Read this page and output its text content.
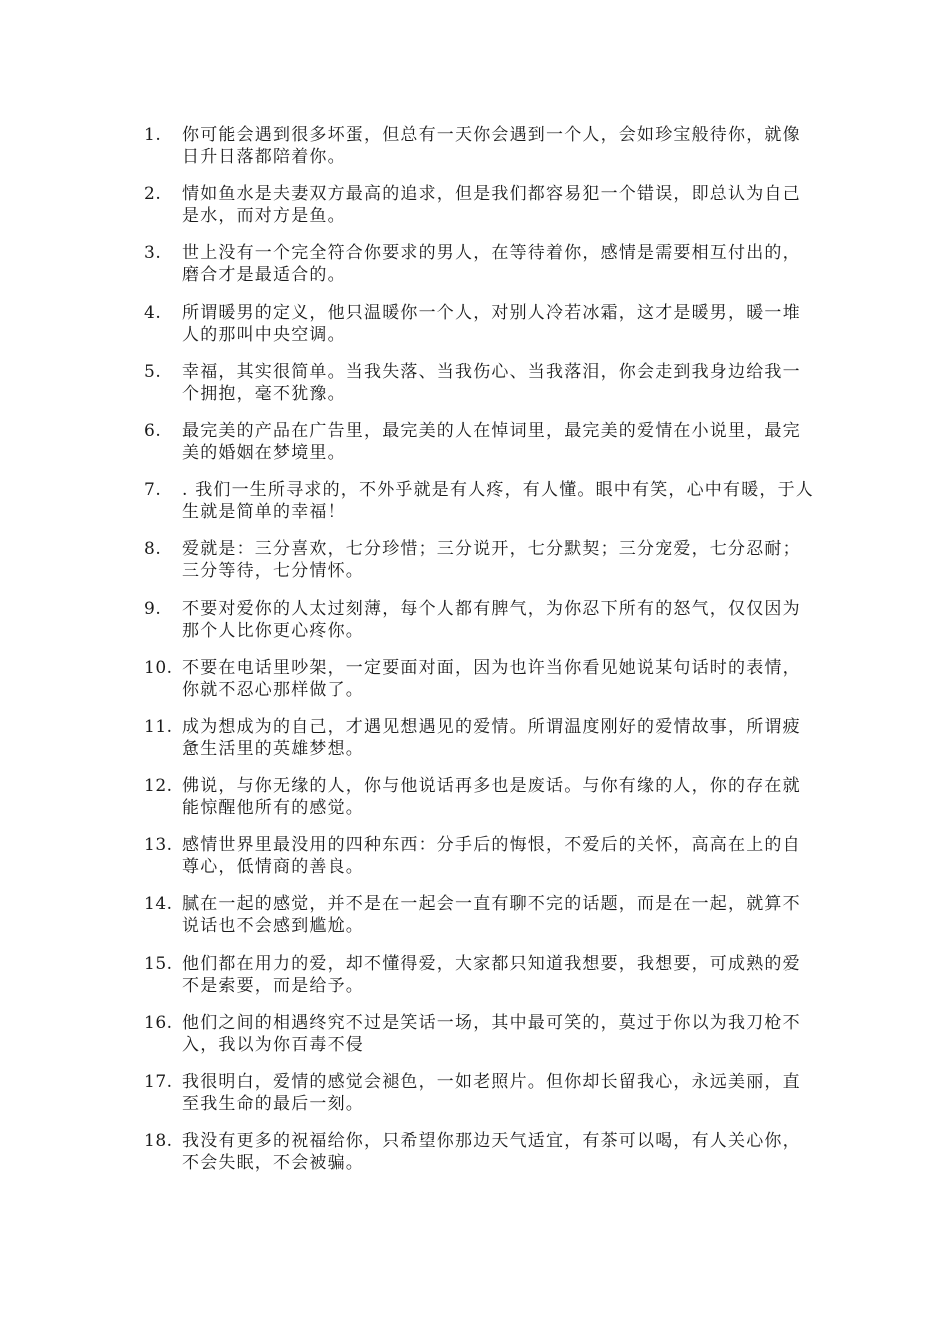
1.	你可能会遇到很多坏蛋，但总有一天你会遇到一个人，会如珍宝般待你，就像日升日落都陪着你。
2.	情如鱼水是夫妻双方最高的追求，但是我们都容易犯一个错误，即总认为自己是水，而对方是鱼。
3.	世上没有一个完全符合你要求的男人，在等待着你，感情是需要相互付出的，磨合才是最适合的。
4.	所谓暖男的定义，他只温暖你一个人，对别人冷若冰霜，这才是暖男，暖一堆人的那叫中央空调。
5.	幸福，其实很简单。当我失落、当我伤心、当我落泪，你会走到我身边给我一个拥抱，毫不犹豫。
6.	最完美的产品在广告里，最完美的人在悼词里，最完美的爱情在小说里，最完美的婚姻在梦境里。
7.	. 我们一生所寻求的，不外乎就是有人疼，有人懂。眼中有笑，心中有暖，于人生就是简单的幸福！
8.	爱就是：三分喜欢，七分珍惜；三分说开，七分默契；三分宠爱，七分忍耐；三分等待，七分情怀。
9.	不要对爱你的人太过刻薄，每个人都有脾气，为你忍下所有的怒气，仅仅因为那个人比你更心疼你。
10. 不要在电话里吵架，一定要面对面，因为也许当你看见她说某句话时的表情，你就不忍心那样做了。
11. 成为想成为的自己，才遇见想遇见的爱情。所谓温度刚好的爱情故事，所谓疲惫生活里的英雄梦想。
12. 佛说，与你无缘的人，你与他说话再多也是废话。与你有缘的人，你的存在就能惊醒他所有的感觉。
13. 感情世界里最没用的四种东西：分手后的悔恨，不爱后的关怀，高高在上的自尊心，低情商的善良。
14. 腻在一起的感觉，并不是在一起会一直有聊不完的话题，而是在一起，就算不说话也不会感到尴尬。
15. 他们都在用力的爱，却不懂得爱，大家都只知道我想要，我想要，可成熟的爱不是索要，而是给予。
16. 他们之间的相遇终究不过是笑话一场，其中最可笑的，莫过于你以为我刀枪不入，我以为你百毒不侵
17. 我很明白，爱情的感觉会褪色，一如老照片。但你却长留我心，永远美丽，直至我生命的最后一刻。
18. 我没有更多的祝福给你，只希望你那边天气适宜，有茶可以喝，有人关心你，不会失眠，不会被骗。
